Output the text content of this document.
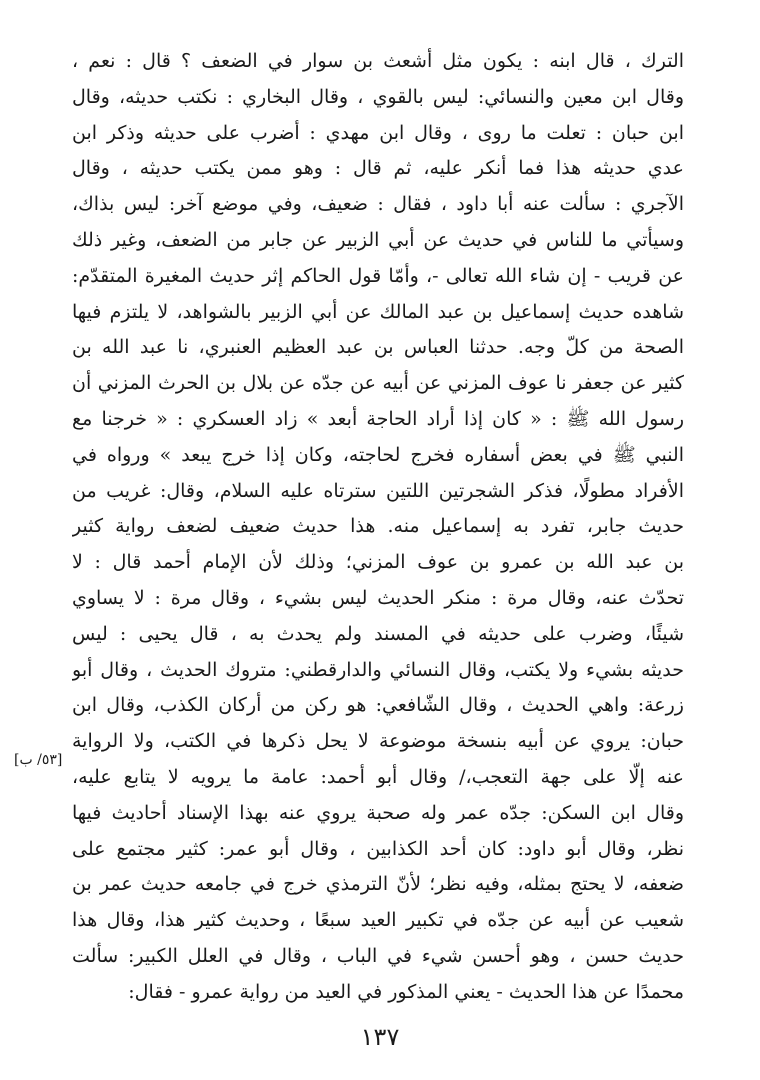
الترك ، قال ابنه : يكون مثل أشعث بن سوار في الضعف ؟ قال : نعم ،
وقال ابن معين والنسائي: ليس بالقوي ، وقال البخاري : نكتب حديثه، وقال
ابن حبان : تعلت ما روى ، وقال ابن مهدي : أضرب على حديثه وذكر ابن
عدي حديثه هذا فما أنكر عليه، ثم قال : وهو ممن يكتب حديثه ، وقال
الآجري : سألت عنه أبا داود ، فقال : ضعيف، وفي موضع آخر: ليس بذاك،
وسيأتي ما للناس في حديث عن أبي الزبير عن جابر من الضعف، وغير ذلك
عن قريب - إن شاء الله تعالى -، وأمّا قول الحاكم إثر حديث المغيرة المتقدّم:
شاهده حديث إسماعيل بن عبد المالك عن أبي الزبير بالشواهد، لا يلتزم فيها
الصحة من كلّ وجه. حدثنا العباس بن عبد العظيم العنبري، نا عبد الله بن
كثير عن جعفر نا عوف المزني عن أبيه عن جدّه عن بلال بن الحرث المزني أن
رسول الله ﷺ : « كان إذا أراد الحاجة أبعد » زاد العسكري : « خرجنا مع
النبي ﷺ في بعض أسفاره فخرج لحاجته، وكان إذا خرج يبعد » ورواه في
الأفراد مطولًا، فذكر الشجرتين اللتين سترتاه عليه السلام، وقال: غريب من
حديث جابر، تفرد به إسماعيل منه. هذا حديث ضعيف لضعف رواية كثير
بن عبد الله بن عمرو بن عوف المزني؛ وذلك لأن الإمام أحمد قال : لا
تحدّث عنه، وقال مرة : منكر الحديث ليس بشيء ، وقال مرة : لا يساوي
شيئًا، وضرب على حديثه في المسند ولم يحدث به ، قال يحيى : ليس
حديثه بشيء ولا يكتب، وقال النسائي والدارقطني: متروك الحديث ، وقال أبو
زرعة: واهي الحديث ، وقال الشّافعي: هو ركن من أركان الكذب، وقال ابن
حبان: يروي عن أبيه بنسخة موضوعة لا يحل ذكرها في الكتب، ولا الرواية
عنه إلّا على جهة التعجب،/ وقال أبو أحمد: عامة ما يرويه لا يتابع عليه،
وقال ابن السكن: جدّه عمر وله صحبة يروي عنه بهذا الإسناد أحاديث فيها
نظر، وقال أبو داود: كان أحد الكذابين ، وقال أبو عمر: كثير مجتمع على
ضعفه، لا يحتج بمثله، وفيه نظر؛ لأنّ الترمذي خرج في جامعه حديث عمر بن
شعيب عن أبيه عن جدّه في تكبير العيد سبعًا ، وحديث كثير هذا، وقال هذا
حديث حسن ، وهو أحسن شيء في الباب ، وقال في العلل الكبير: سألت
محمدًا عن هذا الحديث - يعني المذكور في العيد من رواية عمرو - فقال:
[٥٣/ ب]
١٣٧
